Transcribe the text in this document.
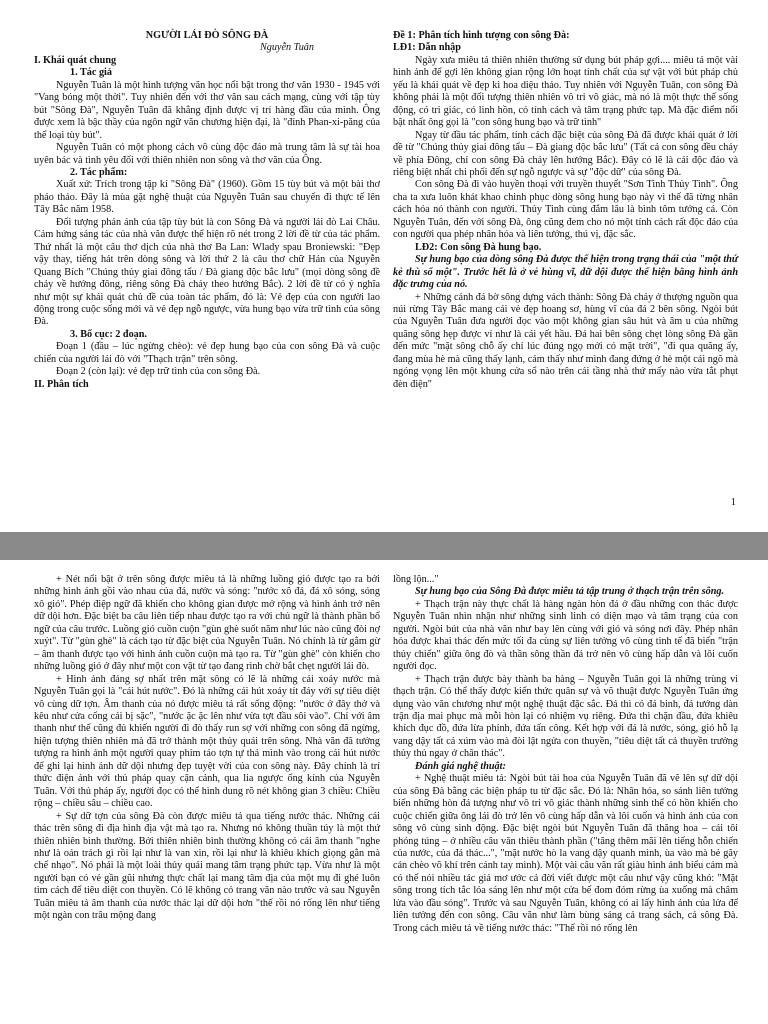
NGƯỜI LÁI ĐÒ SÔNG ĐÀ

Nguyễn Tuân

I. Khái quát chung

1. Tác giả

Nguyễn Tuân là một hình tượng văn học nổi bật trong thơ văn 1930 - 1945 với "Vang bóng một thời". Tuy nhiên đến với thơ văn sau cách mạng, cùng với tập tùy bút "Sông Đà", Nguyễn Tuân đã khẳng định được vị trí hàng đầu của mình. Ông được xem là bậc thầy của ngôn ngữ văn chương hiện đại, là "đỉnh Phan-xi-păng của thể loại tùy bút".

Nguyễn Tuân có một phong cách vô cùng độc đáo mà trung tâm là sự tài hoa uyên bác và tình yêu đối với thiên nhiên non sông và thơ văn của Ông.

2. Tác phẩm:

Xuất xứ: Trích trong tập kí "Sông Đà" (1960). Gồm 15 tùy bút và một bài thơ pháo thảo. Đây là mùa gặt nghệ thuật của Nguyễn Tuân sau chuyến đi thực tế lên Tây Bắc năm 1958.

Đối tượng phản ánh của tập tùy bút là con Sông Đà và người lái đò Lai Châu. Cảm hứng sáng tác của nhà văn được thể hiện rõ nét trong 2 lời đề từ của tác phẩm. Thứ nhất là một câu thơ dịch của nhà thơ Ba Lan: Wlady spau Broniewski: "Đẹp vậy thay, tiếng hát trên dòng sông và lời thứ 2 là câu thơ chữ Hán của Nguyễn Quang Bích "Chúng thủy giai đông tẩu / Đà giang độc bắc lưu" (mọi dòng sông đề chảy về hướng đông, riêng sông Đà chảy theo hướng Bắc). 2 lời đề từ có ý nghĩa như một sự khái quát chủ đề của toàn tác phẩm, đó là: Vẻ đẹp của con người lao động trong cuộc sống mới và vẻ đẹp ngỗ ngược, vừa hung bạo vừa trữ tình của sông Đà.

3. Bố cục: 2 đoạn.

Đoạn 1 (đầu – lúc ngừng chèo): vẻ đẹp hung bạo của con sông Đà và cuộc chiến của người lái đò với "Thạch trận" trên sông.

Đoạn 2 (còn lại): vẻ đẹp trữ tình của con sông Đà.

II. Phân tích

Đề 1: Phân tích hình tượng con sông Đà:

LĐ1: Dẫn nhập

Ngày xưa miêu tả thiên nhiên thường sử dụng bút pháp gợi.... miêu tả một vài hình ảnh để gợi lên không gian rộng lớn hoạt tính chất của sự vật với bút pháp chủ yếu là khái quát về đẹp kì hoa diệu thảo. Tuy nhiên với Nguyễn Tuân, con sông Đà không phải là một đối tượng thiên nhiên vô tri vô giác, mà nó là một thực thể sống động, có tri giác, có linh hồn, có tính cách và tâm trạng phức tạp. Mà đặc điểm nổi bật nhất ông gọi là "con sông hung bạo và trữ tình"

Ngay từ đầu tác phẩm, tính cách đặc biệt của sông Đà đã được khái quát ở lời đề từ "Chúng thủy giai đông tẩu – Đà giang độc bắc lưu" (Tất cả con sông đều chảy về phía Đông, chỉ con sông Đà chảy lên hướng Bắc). Đây có lẽ là cái độc đáo và riêng biệt nhất chi phối đến sự ngỗ ngược và sự "độc dữ" của sông Đà.

Con sông Đà đi vào huyền thoại với truyền thuyết "Sơn Tinh Thủy Tinh". Ông cha ta xưa luôn khát khao chinh phục dòng sông hung bạo này vì thế đã từng nhân cách hóa nó thành con người. Thủy Tinh cùng đắm lâu là bình tôm tướng cá. Còn Nguyễn Tuân, đến với sông Đà, ông cũng đem cho nó một tính cách rất độc đáo của con người qua phép nhân hóa và liên tưởng, thú vị, đặc sắc.

LĐ2: Con sông Đà hung bạo.

Sự hung bạo của dòng sông Đà được thể hiện trong trạng thái của "một thứ kẻ thù số một". Trước hết là ở vẻ hùng vĩ, dữ dội được thể hiện bằng hình ảnh đặc trưng của nó.

+ Những cảnh đá bờ sông dựng vách thành: Sông Đà chảy ở thượng nguồn qua núi rừng Tây Bắc mang cái vẻ đẹp hoang sơ, hùng vĩ của đá 2 bên sông. Ngòi bút của Nguyễn Tuân đưa người đọc vào một không gian sâu hút và âm u của những quãng sông hẹp được ví như là cái yết hầu. Đá hai bên sông chẹt lòng sông Đà gần đến mức "mặt sông chỗ ấy chỉ lúc đúng ngọ mới có mặt trời", "đi qua quãng ấy, đang mùa hè mà cũng thấy lạnh, cảm thấy như mình đang đứng ở hè một cái ngõ mà ngóng vọng lên một khung cửa sổ nào trên cái tầng nhà thứ mấy nào vừa tắt phụt đèn điện"

1

+ Nét nổi bật ở trên sông được miêu tả là những luồng gió được tạo ra bởi những hình ảnh gồi vào nhau của đá, nước và sóng: "nước xô đá, đá xô sóng, sóng xô gió". Phép điệp ngữ đã khiến cho không gian được mở rộng và hình ảnh trở nên dữ dội hơn. Đặc biệt ba câu liên tiếp nhau được tạo ra với chủ ngữ là thành phần bổ ngữ của câu trước. Luồng gió cuồn cuộn "gùn ghè suốt năm như lúc nào cũng đòi nợ xuýt". Từ "gùn ghè" là cách tạo từ đặc biệt của Nguyễn Tuân. Nó chính là từ gằm gừ – âm thanh được tạo với hình ảnh cuồn cuộn mà tạo ra. Từ "gùn ghè" còn khiến cho những luồng gió ở đây như một con vật từ tạo đang rình chờ bắt chẹt người lái đò.

+ Hình ảnh đáng sợ nhất trên mặt sông có lẽ là những cái xoáy nước mà Nguyễn Tuân gọi là "cái hút nước". Đó là những cái hút xoáy tít đáy với sự tiêu diệt vô cùng dữ tợn. Âm thanh của nó được miêu tả rất sống động: "nước ở đây thở và kêu như cửa cống cái bị sặc", "nước ặc ặc lên như vừa tợt đầu sôi vào". Chỉ với âm thanh như thế cũng đủ khiến người đi đò thấy run sợ với những con sông đã ngừng, hiện tượng thiên nhiên mà đã trở thành một thủy quái trên sông. Nhà văn đã tưởng tượng ra hình ảnh một người quay phim táo tợn tự thả mình vào trong cái hút nước để ghi lại hình ảnh dữ dội nhưng đẹp tuyệt vời của con sông này. Đây chính là trí thức điện ảnh với thủ pháp quay cận cảnh, qua lia ngược ống kính của Nguyễn Tuân. Với thủ pháp ấy, người đọc có thể hình dung rõ nét không gian 3 chiều: Chiều rộng – chiều sâu – chiều cao.

+ Sự dữ tợn của sông Đà còn được miêu tả qua tiếng nước thác. Những cái thác trên sông đi địa hình địa vật mà tạo ra. Nhưng nó không thuần túy là một thứ thiên nhiên bình thường. Bởi thiên nhiên bình thường không có cái âm thanh "nghe như là oán trách gì rồi lại như là van xin, rồi lại như là khiêu khích giọng gằn mà chế nhạo". Nó phải là một loài thủy quái mang tâm trạng phức tạp. Vừa như là một người bạn có vẻ gần gũi nhưng thực chất lại mang tâm địa của một mụ đi ghé luôn tìm cách để tiêu diệt con thuyền. Có lẽ không có trang văn nào trước và sau Nguyễn Tuân miêu tả âm thanh của nước thác lại dữ dội hơn "thế rồi nó rống lên như tiếng một ngàn con trâu mộng đang

lồng lộn..."

Sự hung bạo của Sông Đà được miêu tả tập trung ở thạch trận trên sông.

+ Thạch trận này thực chất là hàng ngàn hòn đá ở đầu những con thác được Nguyễn Tuân nhìn nhận như những sinh linh có diện mạo và tâm trạng của con người. Ngòi bút của nhà văn như bay lên cùng với gió và sóng nơi đây. Phép nhân hóa được khai thác đến mức tối đa cùng sự liên tưởng vô cùng tinh tế đã biến "trận thủy chiến" giữa ông đò và thần sông thần đá trở nên vô cùng hấp dẫn và lôi cuốn người đọc.

+ Thạch trận được bày thành ba hàng – Nguyễn Tuân gọi là những trùng vi thạch trận. Có thể thấy được kiến thức quân sự và võ thuật được Nguyễn Tuân ứng dụng vào văn chương như một nghệ thuật đặc sắc. Đá thì có đá binh, đá tướng dàn trận địa mai phục mà mỗi hòn lại có nhiệm vụ riêng. Đứa thì chặn đầu, đứa khiêu khích đục đồ, đứa lừa phỉnh, đứa tấn công. Kết hợp với đá là nước, sóng, gió hỗ lạ vang dậy tất cả xúm vào mà đòi lật ngửa con thuyền, "tiêu diệt tất cả thuyền trưởng thủy thủ ngay ở chân thác".

Đánh giá nghệ thuật:

+ Nghệ thuật miêu tả: Ngòi bút tài hoa của Nguyễn Tuân đã vẽ lên sự dữ dội của sông Đà bằng các biện pháp tu từ đặc sắc. Đó là: Nhân hóa, so sánh liên tưởng biến những hòn đá tượng như vô tri vô giác thành những sinh thể có hồn khiến cho cuộc chiến giữa ông lái đò trở lên vô cùng hấp dẫn và lôi cuốn và hình ảnh của con sông vô cùng sinh động. Đặc biệt ngòi bút Nguyễn Tuân đã thăng hoa – cái tôi phóng túng – ở nhiều câu văn thiêu thành phần ("tăng thêm mãi lên tiếng hỗn chiến của nước, của đá thác...", "mặt nước hò la vang dậy quanh mình, ùa vào mà bẻ gãy cán chèo võ khí trên cánh tay mình). Một vài câu văn rất giàu hình ảnh biểu cảm mà có thể nói nhiều tác giả mơ ước cả đời viết được một câu như vậy cũng khó: "Mặt sông trong tích tắc lóa sáng lên như một cửa bể đom đóm rừng ùa xuống mà châm lửa vào đầu sóng". Trước và sau Nguyễn Tuân, không có ai lấy hình ảnh của lửa để liên tưởng đến con sông. Câu văn như làm bùng sáng cả trang sách, cả sông Đà. Trong cách miêu tả về tiếng nước thác: "Thế rồi nó rống lên
